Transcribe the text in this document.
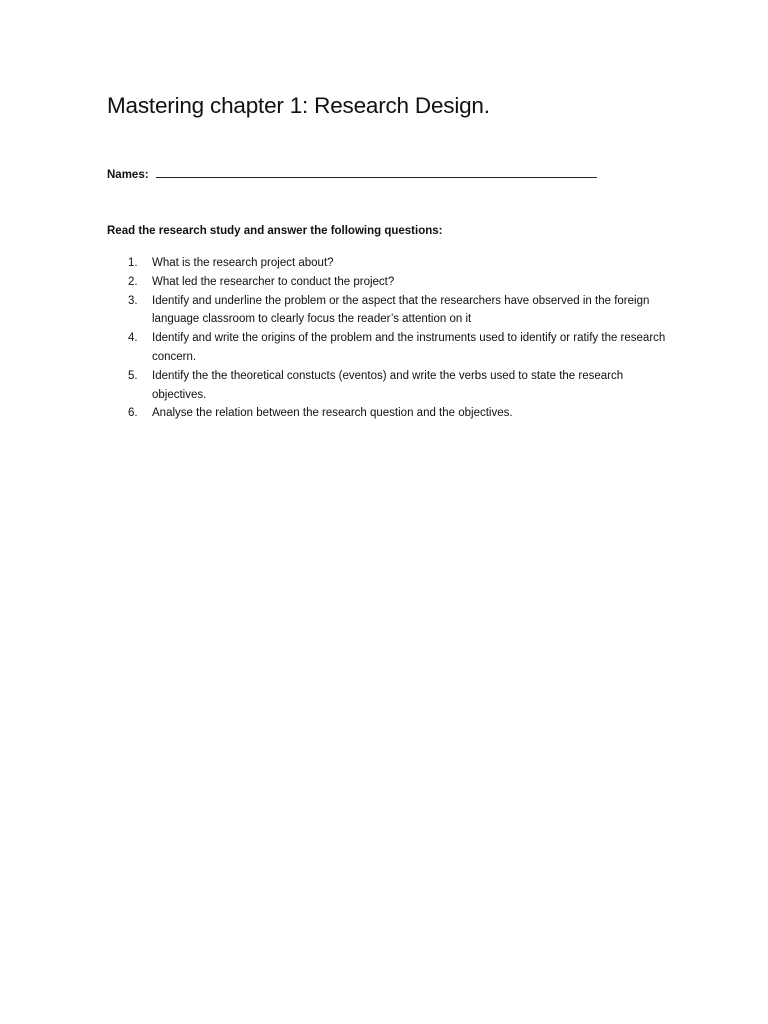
Mastering chapter 1: Research Design.
Names:
Read the research study and answer the following questions:
1. What is the research project about?
2. What led the researcher to conduct the project?
3. Identify and underline the problem or the aspect that the researchers have observed in the foreign language classroom to clearly focus the reader’s attention on it
4. Identify and write the origins of the problem and the instruments used to identify or ratify the research concern.
5. Identify the the theoretical constucts (eventos) and write the verbs used to state the research objectives.
6. Analyse the relation between the research question and the objectives.
